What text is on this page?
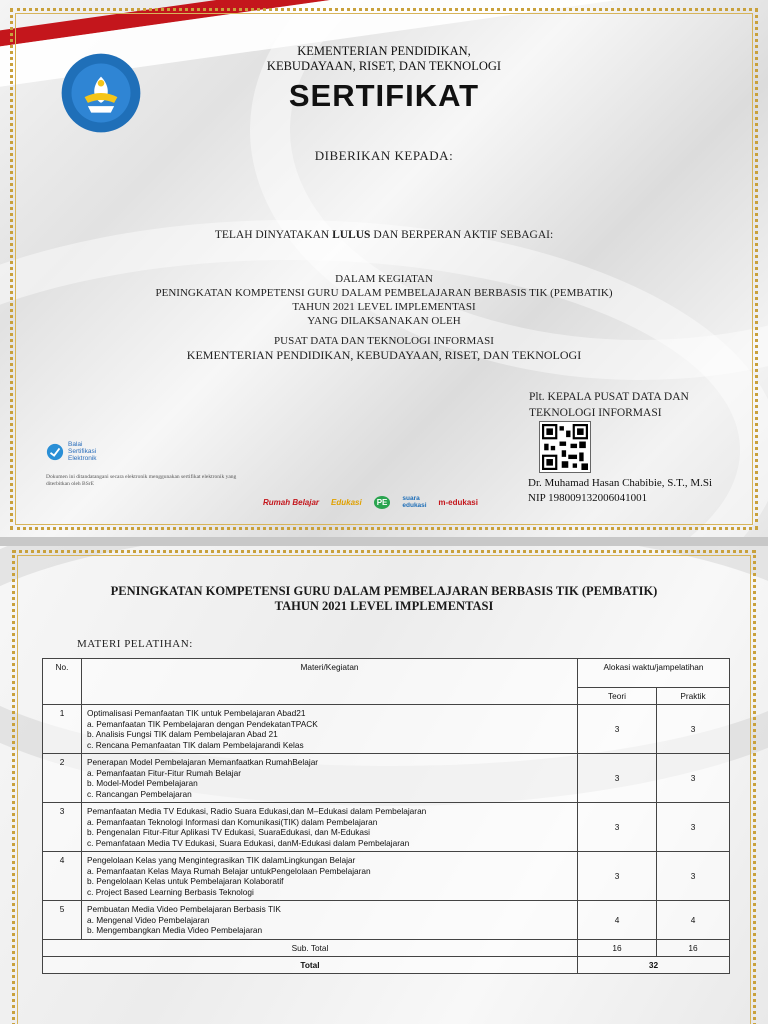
KEMENTERIAN PENDIDIKAN,
KEBUDAYAAN, RISET, DAN TEKNOLOGI
SERTIFIKAT
DIBERIKAN KEPADA:
TELAH DINYATAKAN LULUS DAN BERPERAN AKTIF SEBAGAI:
DALAM KEGIATAN
PENINGKATAN KOMPETENSI GURU DALAM PEMBELAJARAN BERBASIS TIK (PEMBATIK)
TAHUN 2021 LEVEL IMPLEMENTASI
YANG DILAKSANAKAN OLEH
PUSAT DATA DAN TEKNOLOGI INFORMASI
KEMENTERIAN PENDIDIKAN, KEBUDAYAAN, RISET, DAN TEKNOLOGI
Plt. KEPALA PUSAT DATA DAN
TEKNOLOGI INFORMASI
Dr. Muhamad Hasan Chabibie, S.T., M.Si
NIP 198009132006041001
Balai
Sertifikasi
Elektronik
Dokumen ini ditandatangani secara elektronik menggunakan sertifikat elektronik yang diterbitkan oleh BSrE
Rumah Belajar Edukasi	PE	suara edukasi m-edukasi
PENINGKATAN KOMPETENSI GURU DALAM PEMBELAJARAN BERBASIS TIK (PEMBATIK)
TAHUN 2021 LEVEL IMPLEMENTASI
MATERI PELATIHAN:
No.	Materi/Kegiatan	Alokasi waktu/jampelatihan	
		Teori	Praktik
1	Optimalisasi Pemanfaatan TIK untuk Pembelajaran Abad21
a. Pemanfaatan TIK Pembelajaran dengan PendekatanTPACK
b. Analisis Fungsi TIK dalam Pembelajaran Abad 21
c. Rencana Pemanfaatan TIK dalam Pembelajarandi Kelas	3	3
2	Penerapan Model Pembelajaran Memanfaatkan RumahBelajar
a. Pemanfaatan Fitur-Fitur Rumah Belajar
b. Model-Model Pembelajaran
c. Rancangan Pembelajaran	3	3
3	Pemanfaatan Media TV Edukasi, Radio Suara Edukasi,dan M–Edukasi dalam Pembelajaran
a. Pemanfaatan Teknologi Informasi dan Komunikasi(TIK) dalam Pembelajaran
b. Pengenalan Fitur-Fitur Aplikasi TV Edukasi, SuaraEdukasi, dan M-Edukasi
c. Pemanfataan Media TV Edukasi, Suara Edukasi, danM-Edukasi dalam Pembelajaran	3	3
4	Pengelolaan Kelas yang Mengintegrasikan TIK dalamLingkungan Belajar
a. Pemanfaatan Kelas Maya Rumah Belajar untukPengelolaan Pembelajaran
b. Pengelolaan Kelas untuk Pembelajaran Kolaboratif
c. Project Based Learning Berbasis Teknologi	3	3
5	Pembuatan Media Video Pembelajaran Berbasis TIK
a. Mengenal Video Pembelajaran
b. Mengembangkan Media Video Pembelajaran	4	4
Sub. Total		16	16
Total		32	
